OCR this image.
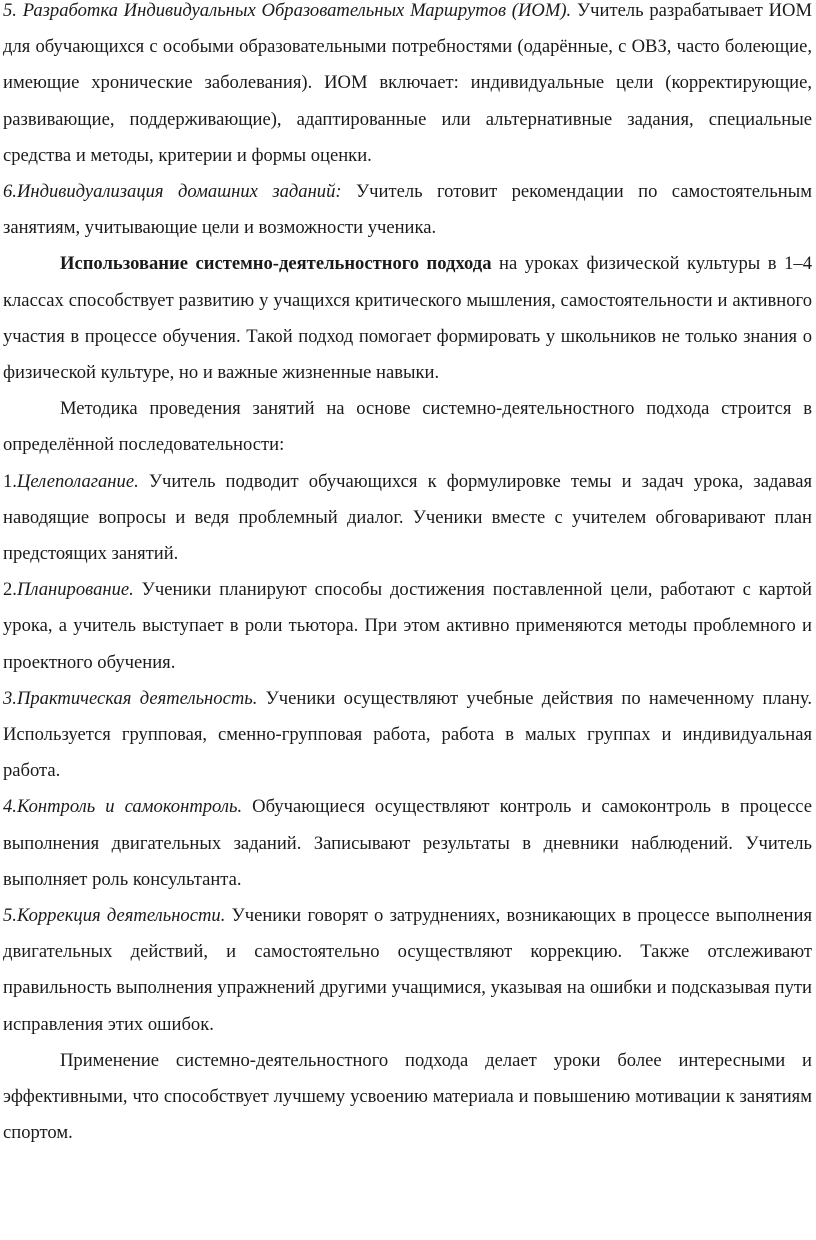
5. Разработка Индивидуальных Образовательных Маршрутов (ИОМ). Учитель разрабатывает ИОМ для обучающихся с особыми образовательными потребностями (одарённые, с ОВЗ, часто болеющие, имеющие хронические заболевания). ИОМ включает: индивидуальные цели (корректирующие, развивающие, поддерживающие), адаптированные или альтернативные задания, специальные средства и методы, критерии и формы оценки.

6.Индивидуализация домашних заданий: Учитель готовит рекомендации по самостоятельным занятиям, учитывающие цели и возможности ученика.

Использование системно-деятельностного подхода на уроках физической культуры в 1–4 классах способствует развитию у учащихся критического мышления, самостоятельности и активного участия в процессе обучения. Такой подход помогает формировать у школьников не только знания о физической культуре, но и важные жизненные навыки.

Методика проведения занятий на основе системно-деятельностного подхода строится в определённой последовательности:

1.Целеполагание. Учитель подводит обучающихся к формулировке темы и задач урока, задавая наводящие вопросы и ведя проблемный диалог. Ученики вместе с учителем обговаривают план предстоящих занятий.

2.Планирование. Ученики планируют способы достижения поставленной цели, работают с картой урока, а учитель выступает в роли тьютора. При этом активно применяются методы проблемного и проектного обучения.

3.Практическая деятельность. Ученики осуществляют учебные действия по намеченному плану. Используется групповая, сменно-групповая работа, работа в малых группах и индивидуальная работа.

4.Контроль и самоконтроль. Обучающиеся осуществляют контроль и самоконтроль в процессе выполнения двигательных заданий. Записывают результаты в дневники наблюдений. Учитель выполняет роль консультанта.

5.Коррекция деятельности. Ученики говорят о затруднениях, возникающих в процессе выполнения двигательных действий, и самостоятельно осуществляют коррекцию. Также отслеживают правильность выполнения упражнений другими учащимися, указывая на ошибки и подсказывая пути исправления этих ошибок.

Применение системно-деятельностного подхода делает уроки более интересными и эффективными, что способствует лучшему усвоению материала и повышению мотивации к занятиям спортом.
